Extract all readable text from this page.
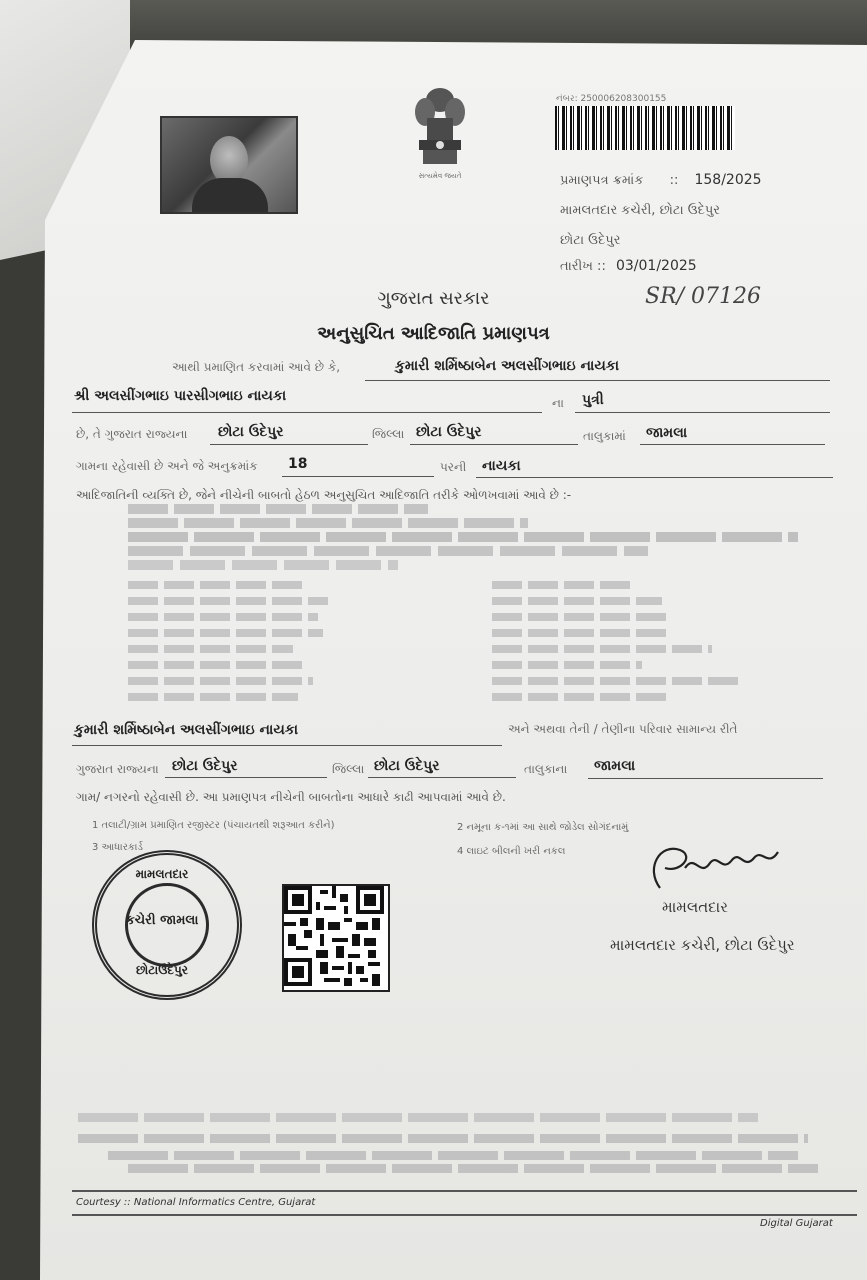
સત્યમેવ જયતે
નંબર: 250006208300155
પ્રમાણપત્ર ક્રમાંક :: 158/2025
મામલતદાર કચેરી, છોટા ઉદેપુર
છોટા ઉદેપુર
તારીખ :: 03/01/2025
SR/ 07126
ગુજરાત સરકાર
અનુસુચિત આદિજાતિ પ્રમાણપત્ર
આથી પ્રમાણિત કરવામાં આવે છે કે,	કુમારી શર્મિષ્ઠાબેન અલસીંગભાઇ નાયકા
શ્રી અલસીંગભાઇ પારસીગભાઇ નાયકા	ના પુત્રી
છે, તે ગુજરાત રાજ્યના છોટા ઉદેપુર	જિલ્લા છોટા ઉદેપુર	તાલુકામાં જામલા
ગામના રહેવાસી છે અને જે અનુક્રમાંક 18	પરની નાયકા
આદિજાતિની વ્યક્તિ છે, જેને નીચેની બાબતો હેઠળ અનુસુચિત આદિજાતિ તરીકે ઓળખવામાં આવે છે :-
કુમારી શર્મિષ્ઠાબેન અલસીંગભાઇ નાયકા	અને અથવા તેની / તેણીના પરિવાર સામાન્ય રીતે
ગુજરાત રાજ્યના છોટા ઉદેપુર	જિલ્લા છોટા ઉદેપુર	તાલુકાના જામલા
ગામ/ નગરનો રહેવાસી છે. આ પ્રમાણપત્ર નીચેની બાબતોના આધારે કાઢી આપવામાં આવે છે.
1 તલાટી/ગ્રામ પ્રમાણિત રજીસ્ટર (પંચાયતથી શરૂઆત કરીને)	2 નમૂના ક-૧માં આ સાથે જોડેલ સોગંદનામું
3 આધારકાર્ડ	4 લાઇટ બીલની ખરી નકલ
મામલતદાર
કચેરી જામલા
છોટાઉદેપુર
મામલતદાર
મામલતદાર કચેરી, છોટા ઉદેપુર
Courtesy :: National Informatics Centre, Gujarat
Digital Gujarat
